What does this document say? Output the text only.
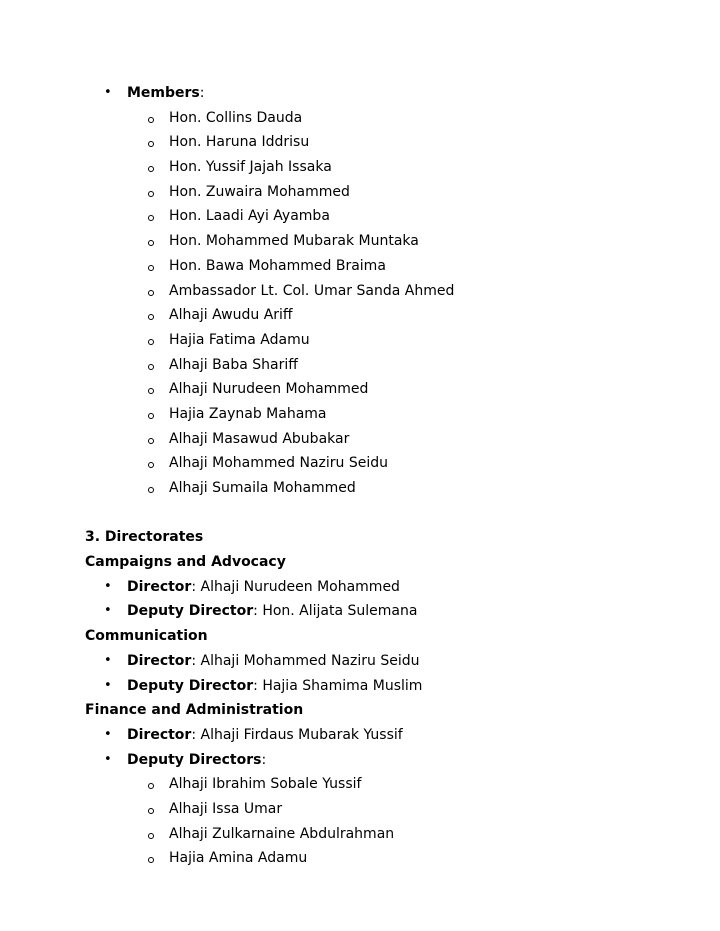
• Members:
Hon. Collins Dauda
Hon. Haruna Iddrisu
Hon. Yussif Jajah Issaka
Hon. Zuwaira Mohammed
Hon. Laadi Ayi Ayamba
Hon. Mohammed Mubarak Muntaka
Hon. Bawa Mohammed Braima
Ambassador Lt. Col. Umar Sanda Ahmed
Alhaji Awudu Ariff
Hajia Fatima Adamu
Alhaji Baba Shariff
Alhaji Nurudeen Mohammed
Hajia Zaynab Mahama
Alhaji Masawud Abubakar
Alhaji Mohammed Naziru Seidu
Alhaji Sumaila Mohammed
3. Directorates
Campaigns and Advocacy
• Director: Alhaji Nurudeen Mohammed
• Deputy Director: Hon. Alijata Sulemana
Communication
• Director: Alhaji Mohammed Naziru Seidu
• Deputy Director: Hajia Shamima Muslim
Finance and Administration
• Director: Alhaji Firdaus Mubarak Yussif
• Deputy Directors:
Alhaji Ibrahim Sobale Yussif
Alhaji Issa Umar
Alhaji Zulkarnaine Abdulrahman
Hajia Amina Adamu
